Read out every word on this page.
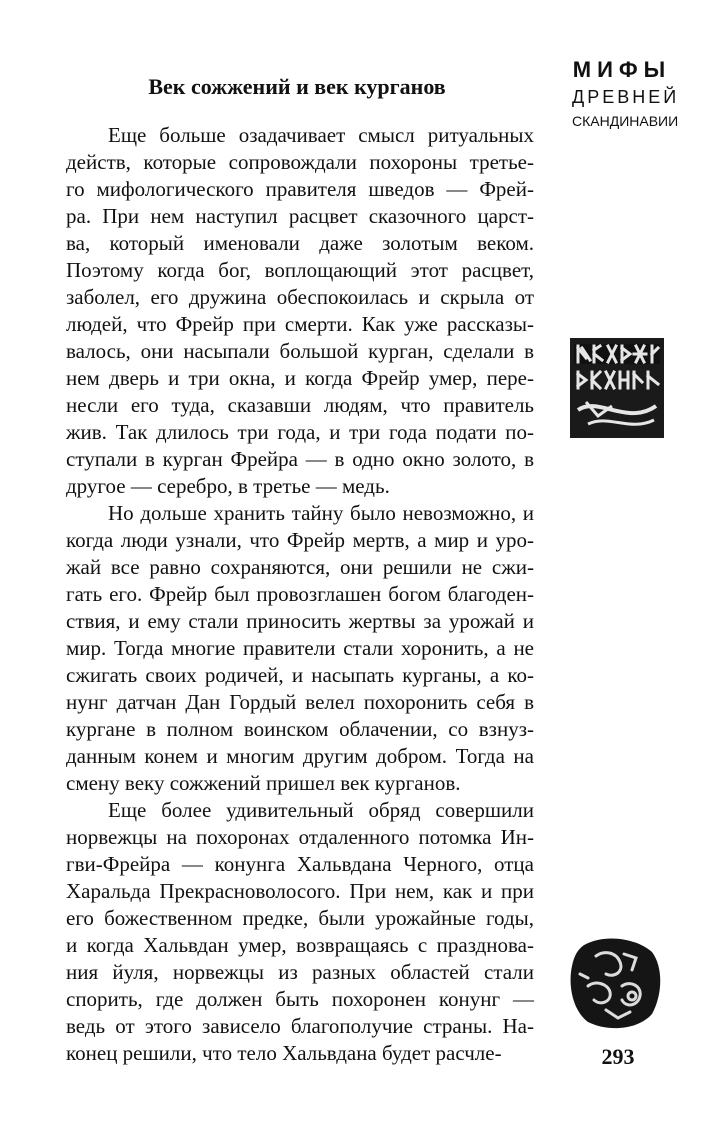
Век сожжений и век курганов
МИФЫ
ДРЕВНЕЙ
СКАНДИНАВИИ
Еще больше озадачивает смысл ритуальных
действ, которые сопровождали похороны третье-
го мифологического правителя шведов — Фрей-
ра. При нем наступил расцвет сказочного царст-
ва, который именовали даже золотым веком.
Поэтому когда бог, воплощающий этот расцвет,
заболел, его дружина обеспокоилась и скрыла от
людей, что Фрейр при смерти. Как уже рассказы-
валось, они насыпали большой курган, сделали в
нем дверь и три окна, и когда Фрейр умер, пере-
несли его туда, сказавши людям, что правитель
жив. Так длилось три года, и три года подати по-
ступали в курган Фрейра — в одно окно золото, в
другое — серебро, в третье — медь.
Но дольше хранить тайну было невозможно, и
когда люди узнали, что Фрейр мертв, а мир и уро-
жай все равно сохраняются, они решили не сжи-
гать его. Фрейр был провозглашен богом благоден-
ствия, и ему стали приносить жертвы за урожай и
мир. Тогда многие правители стали хоронить, а не
сжигать своих родичей, и насыпать курганы, а ко-
нунг датчан Дан Гордый велел похоронить себя в
кургане в полном воинском облачении, со взнуз-
данным конем и многим другим добром. Тогда на
смену веку сожжений пришел век курганов.
Еще более удивительный обряд совершили
норвежцы на похоронах отдаленного потомка Ин-
гви-Фрейра — конунга Хальвдана Черного, отца
Харальда Прекрасноволосого. При нем, как и при
его божественном предке, были урожайные годы,
и когда Хальвдан умер, возвращаясь с празднова-
ния йуля, норвежцы из разных областей стали
спорить, где должен быть похоронен конунг —
ведь от этого зависело благополучие страны. На-
конец решили, что тело Хальвдана будет расчле-	293
